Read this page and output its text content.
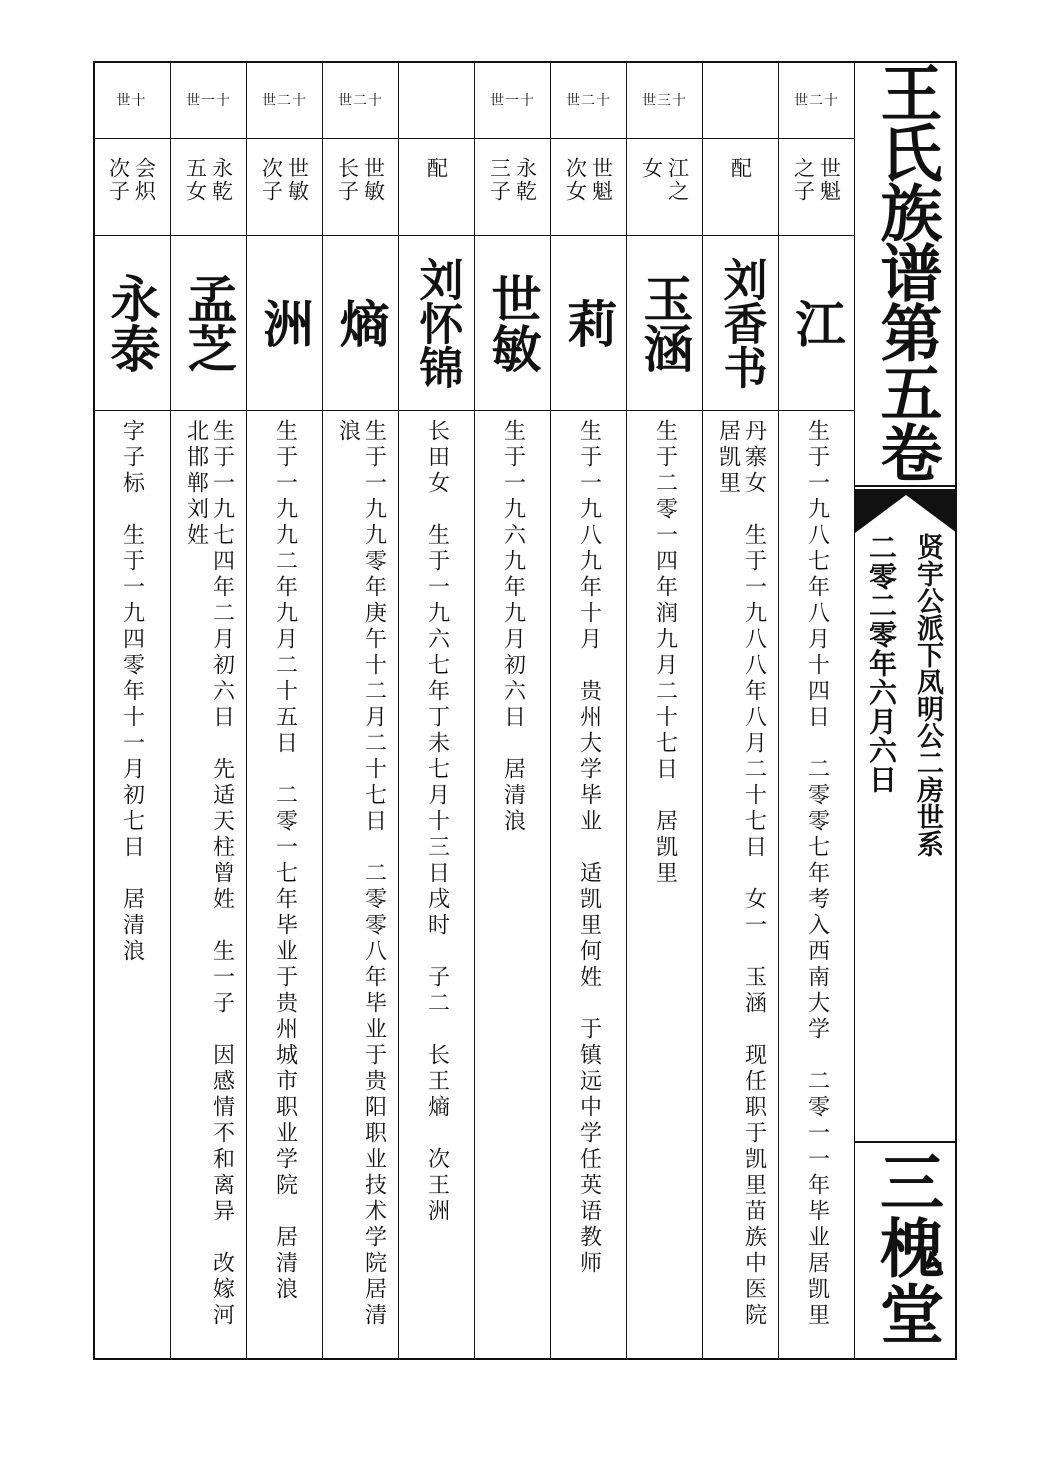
世二十
世魁
之子
江
生于一九八七年八月十四日　二零零七年考入西南大学　二零一一年毕业居凯里
配
刘香书
丹寨女　生于一九八八年八月二十七日　女一　玉涵　现任职于凯里苗族中医院　居凯里
世三十
江之
女
玉涵
生于二零一四年润九月二十七日　居凯里
世二十
世魁
次女
莉
生于一九八九年十月　贵州大学毕业　适凯里何姓　于镇远中学任英语教师
世一十
永乾
三子
世敏
生于一九六九年九月初六日　居清浪
配
刘怀锦
长田女　生于一九六七年丁未七月十三日戌时　子二　长王熵　次王洲
世二十
世敏
长子
熵
生于一九九零年庚午十二月二十七日　二零零八年毕业于贵阳职业技术学院居清浪
世二十
世敏
次子
洲
生于一九九二年九月二十五日　二零一七年毕业于贵州城市职业学院　居清浪
世一十
永乾
五女
孟芝
生于一九七四年二月初六日　先适天柱曾姓　生一子　因感情不和离异　改嫁河北邯郸刘姓
世十
会炽
次子
永泰
字子标　生于一九四零年十一月初七日　居清浪
王氏族谱第五卷
贤宇公派下凤明公二房世系
二零二零年六月六日
三槐堂
